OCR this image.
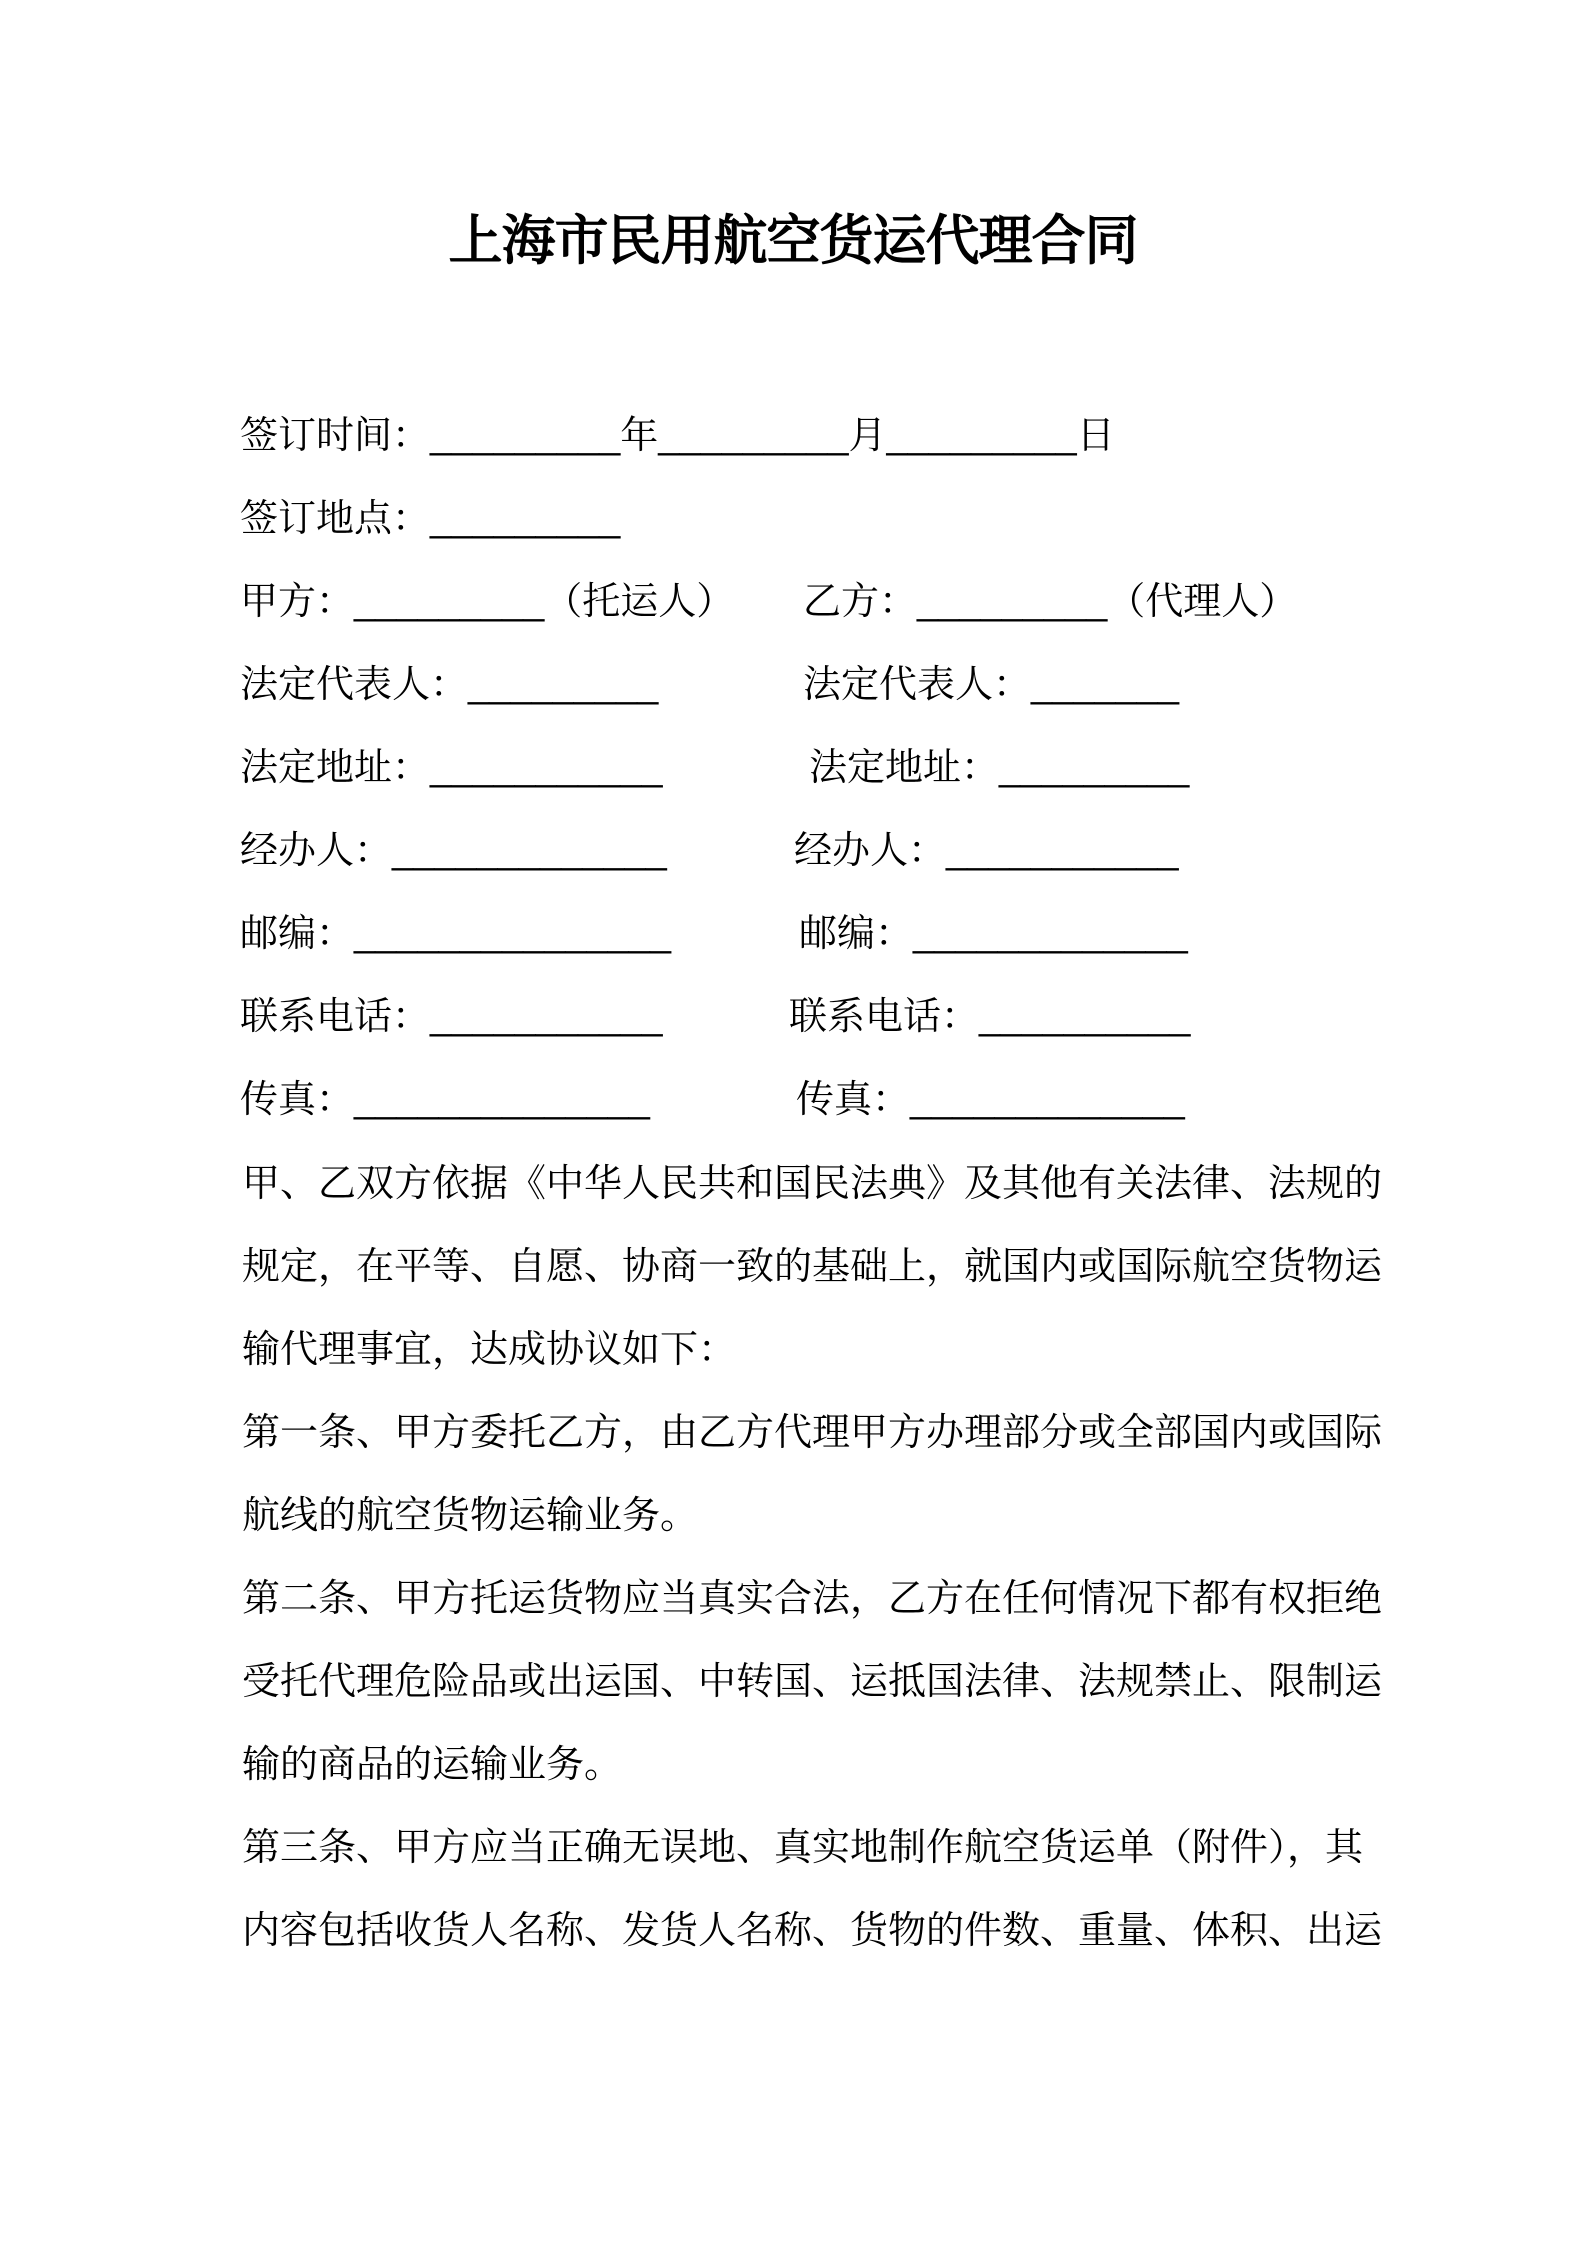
上海市民用航空货运代理合同
签订时间：_________年_________月_________日
签订地点：_________
甲方：_________（托运人） 乙方：_________（代理人）
法定代表人：_________	法定代表人：_______
法定地址：___________	法定地址：_________
经办人：_____________	经办人：___________
邮编：_______________	邮编：_____________
联系电话：___________	联系电话：__________
传真：______________	传真：_____________
甲、乙双方依据《中华人民共和国民法典》及其他有关法律、法规的
规定，在平等、自愿、协商一致的基础上，就国内或国际航空货物运
输代理事宜，达成协议如下：
第一条、甲方委托乙方，由乙方代理甲方办理部分或全部国内或国际
航线的航空货物运输业务。
第二条、甲方托运货物应当真实合法，乙方在任何情况下都有权拒绝
受托代理危险品或出运国、中转国、运抵国法律、法规禁止、限制运
输的商品的运输业务。
第三条、甲方应当正确无误地、真实地制作航空货运单（附件），其
内容包括收货人名称、发货人名称、货物的件数、重量、体积、出运
